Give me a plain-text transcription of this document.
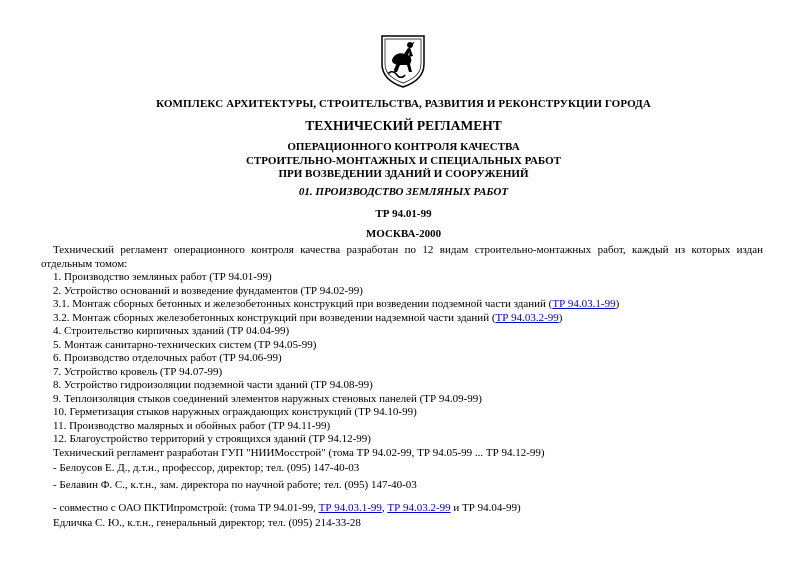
КОМПЛЕКС АРХИТЕКТУРЫ, СТРОИТЕЛЬСТВА, РАЗВИТИЯ И РЕКОНСТРУКЦИИ ГОРОДА
ТЕХНИЧЕСКИЙ РЕГЛАМЕНТ
ОПЕРАЦИОННОГО КОНТРОЛЯ КАЧЕСТВА
СТРОИТЕЛЬНО-МОНТАЖНЫХ И СПЕЦИАЛЬНЫХ РАБОТ
ПРИ ВОЗВЕДЕНИИ ЗДАНИЙ И СООРУЖЕНИЙ
01. ПРОИЗВОДСТВО ЗЕМЛЯНЫХ РАБОТ
ТР 94.01-99
МОСКВА-2000

Технический регламент операционного контроля качества разработан по 12 видам строительно-монтажных работ, каждый из которых издан отдельным томом:

1. Производство земляных работ (ТР 94.01-99)

2. Устройство оснований и возведение фундаментов (ТР 94.02-99)

3.1. Монтаж сборных бетонных и железобетонных конструкций при возведении подземной части зданий (ТР 94.03.1-99)

3.2. Монтаж сборных железобетонных конструкций при возведении надземной части зданий (ТР 94.03.2-99)

4. Строительство кирпичных зданий (ТР 04.04-99)

5. Монтаж санитарно-технических систем (ТР 94.05-99)

6. Производство отделочных работ (ТР 94.06-99)

7. Устройство кровель (ТР 94.07-99)

8. Устройство гидроизоляции подземной части зданий (ТР 94.08-99)

9. Теплоизоляция стыков соединений элементов наружных стеновых панелей (ТР 94.09-99)

10. Герметизация стыков наружных ограждающих конструкций (ТР 94.10-99)

11. Производство малярных и обойных работ (ТР 94.11-99)

12. Благоустройство территорий у строящихся зданий (ТР 94.12-99)

Технический регламент разработан ГУП "НИИМосстрой" (тома ТР 94.02-99, ТР 94.05-99 ... ТР 94.12-99)

- Белоусов Е. Д., д.т.н., профессор, директор; тел. (095) 147-40-03

- Белавин Ф. С., к.т.н., зам. директора по научной работе; тел. (095) 147-40-03

- совместно с ОАО ПКТИпромстрой: (тома ТР 94.01-99, ТР 94.03.1-99, ТР 94.03.2-99 и ТР 94.04-99)

Едличка С. Ю., к.т.н., генеральный директор; тел. (095) 214-33-28
